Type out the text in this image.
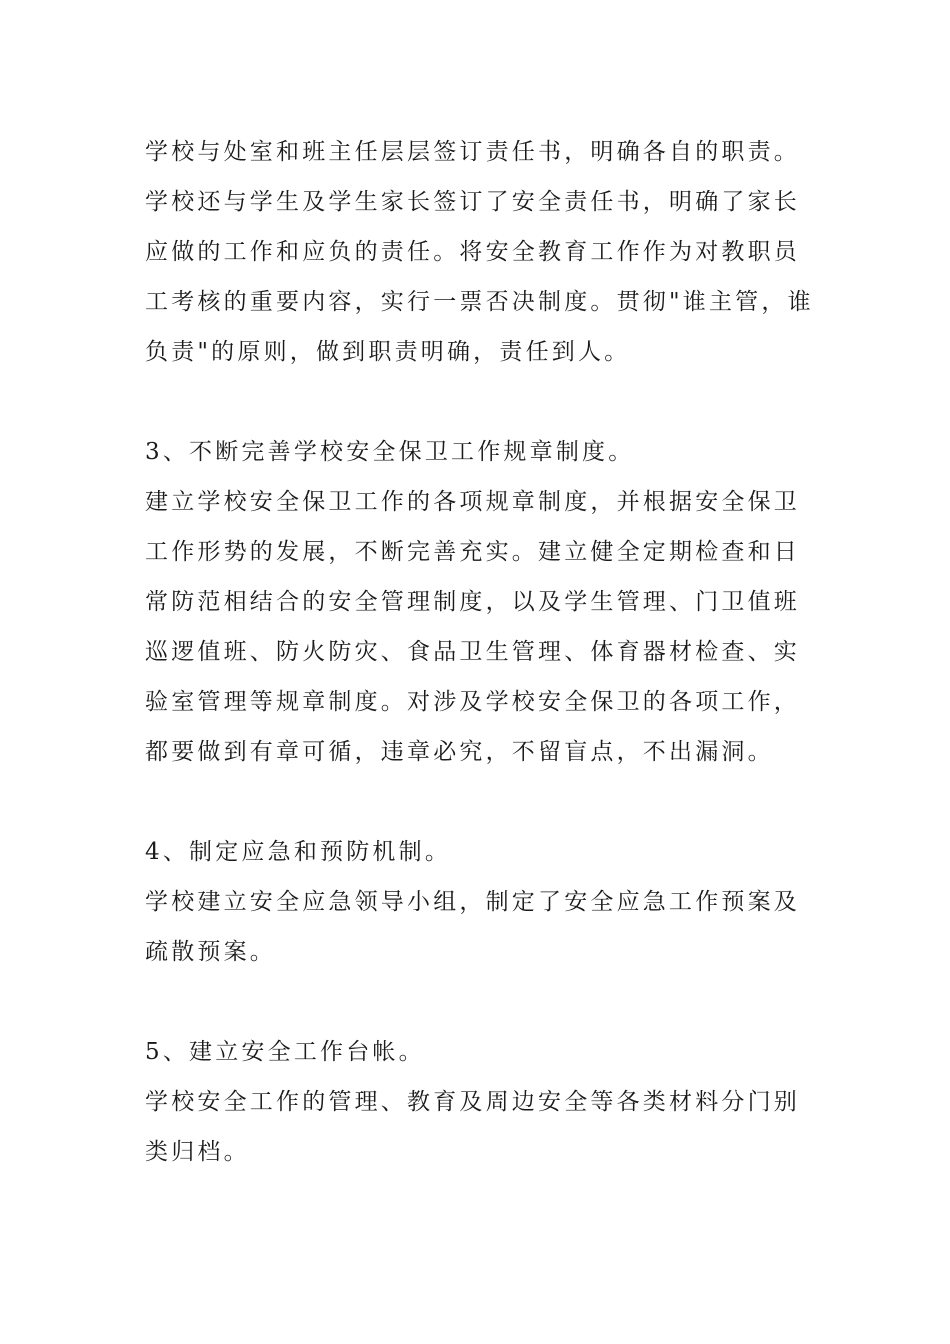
学校与处室和班主任层层签订责任书，明确各自的职责。
学校还与学生及学生家长签订了安全责任书，明确了家长
应做的工作和应负的责任。将安全教育工作作为对教职员
工考核的重要内容，实行一票否决制度。贯彻"谁主管，谁
负责"的原则，做到职责明确，责任到人。
3、不断完善学校安全保卫工作规章制度。
建立学校安全保卫工作的各项规章制度，并根据安全保卫
工作形势的发展，不断完善充实。建立健全定期检查和日
常防范相结合的安全管理制度，以及学生管理、门卫值班
巡逻值班、防火防灾、食品卫生管理、体育器材检查、实
验室管理等规章制度。对涉及学校安全保卫的各项工作，
都要做到有章可循，违章必究，不留盲点，不出漏洞。
4、制定应急和预防机制。
学校建立安全应急领导小组，制定了安全应急工作预案及
疏散预案。
5、建立安全工作台帐。
学校安全工作的管理、教育及周边安全等各类材料分门别
类归档。
